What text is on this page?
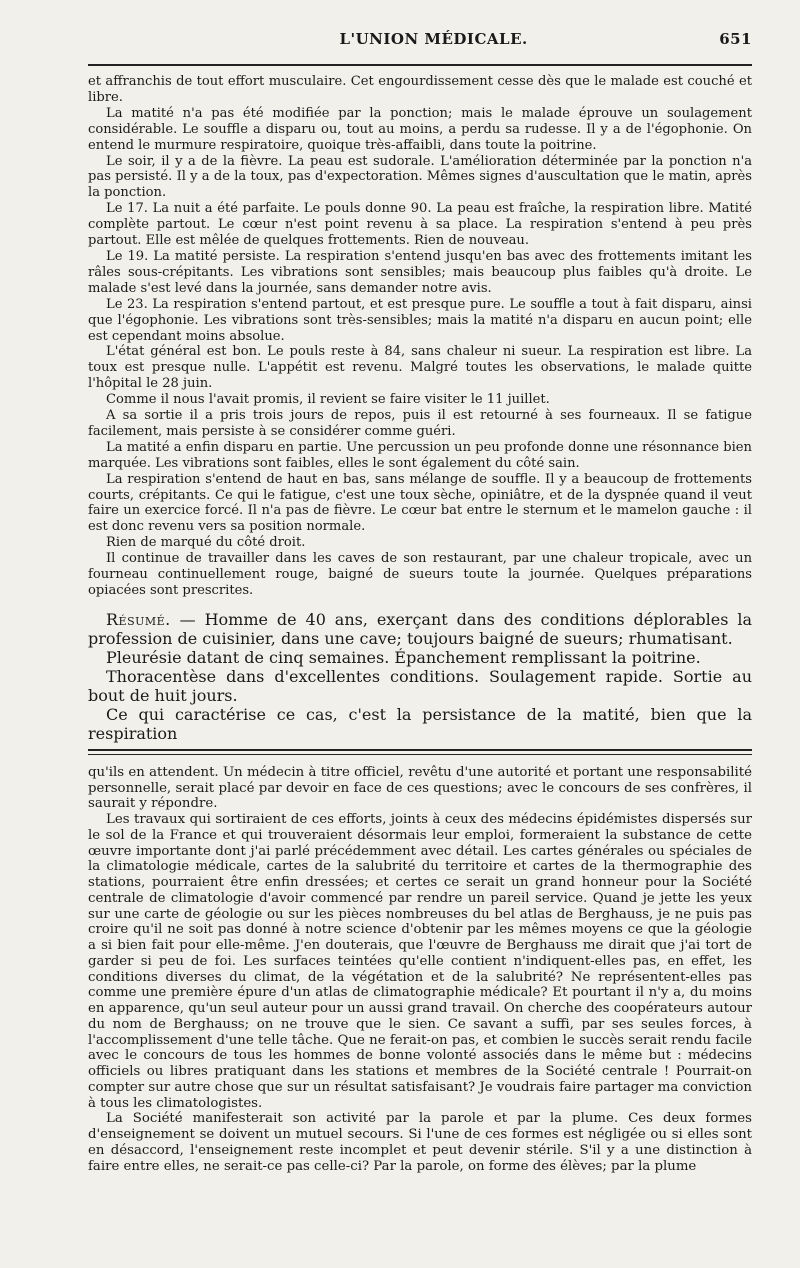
L'UNION MÉDICALE.	651

et affranchis de tout effort musculaire. Cet engourdissement cesse dès que le malade est couché et libre.

La matité n'a pas été modifiée par la ponction; mais le malade éprouve un soulagement considérable. Le souffle a disparu ou, tout au moins, a perdu sa rudesse. Il y a de l'égophonie. On entend le murmure respiratoire, quoique très-affaibli, dans toute la poitrine.

Le soir, il y a de la fièvre. La peau est sudorale. L'amélioration déterminée par la ponction n'a pas persisté. Il y a de la toux, pas d'expectoration. Mêmes signes d'auscultation que le matin, après la ponction.

Le 17. La nuit a été parfaite. Le pouls donne 90. La peau est fraîche, la respiration libre. Matité complète partout. Le cœur n'est point revenu à sa place. La respiration s'entend à peu près partout. Elle est mêlée de quelques frottements. Rien de nouveau.

Le 19. La matité persiste. La respiration s'entend jusqu'en bas avec des frottements imitant les râles sous-crépitants. Les vibrations sont sensibles; mais beaucoup plus faibles qu'à droite. Le malade s'est levé dans la journée, sans demander notre avis.

Le 23. La respiration s'entend partout, et est presque pure. Le souffle a tout à fait disparu, ainsi que l'égophonie. Les vibrations sont très-sensibles; mais la matité n'a disparu en aucun point; elle est cependant moins absolue.

L'état général est bon. Le pouls reste à 84, sans chaleur ni sueur. La respiration est libre. La toux est presque nulle. L'appétit est revenu. Malgré toutes les observations, le malade quitte l'hôpital le 28 juin.

Comme il nous l'avait promis, il revient se faire visiter le 11 juillet.

A sa sortie il a pris trois jours de repos, puis il est retourné à ses fourneaux. Il se fatigue facilement, mais persiste à se considérer comme guéri.

La matité a enfin disparu en partie. Une percussion un peu profonde donne une résonnance bien marquée. Les vibrations sont faibles, elles le sont également du côté sain.

La respiration s'entend de haut en bas, sans mélange de souffle. Il y a beaucoup de frottements courts, crépitants. Ce qui le fatigue, c'est une toux sèche, opiniâtre, et de la dyspnée quand il veut faire un exercice forcé. Il n'a pas de fièvre. Le cœur bat entre le sternum et le mamelon gauche : il est donc revenu vers sa position normale.

Rien de marqué du côté droit.

Il continue de travailler dans les caves de son restaurant, par une chaleur tropicale, avec un fourneau continuellement rouge, baigné de sueurs toute la journée. Quelques préparations opiacées sont prescrites.

Résumé. — Homme de 40 ans, exerçant dans des conditions déplorables la profession de cuisinier, dans une cave; toujours baigné de sueurs; rhumatisant.

Pleurésie datant de cinq semaines. Épanchement remplissant la poitrine.

Thoracentèse dans d'excellentes conditions. Soulagement rapide. Sortie au bout de huit jours.

Ce qui caractérise ce cas, c'est la persistance de la matité, bien que la respiration

qu'ils en attendent. Un médecin à titre officiel, revêtu d'une autorité et portant une responsabilité personnelle, serait placé par devoir en face de ces questions; avec le concours de ses confrères, il saurait y répondre.

Les travaux qui sortiraient de ces efforts, joints à ceux des médecins épidémistes dispersés sur le sol de la France et qui trouveraient désormais leur emploi, formeraient la substance de cette œuvre importante dont j'ai parlé précédemment avec détail. Les cartes générales ou spéciales de la climatologie médicale, cartes de la salubrité du territoire et cartes de la thermographie des stations, pourraient être enfin dressées; et certes ce serait un grand honneur pour la Société centrale de climatologie d'avoir commencé par rendre un pareil service. Quand je jette les yeux sur une carte de géologie ou sur les pièces nombreuses du bel atlas de Berghauss, je ne puis pas croire qu'il ne soit pas donné à notre science d'obtenir par les mêmes moyens ce que la géologie a si bien fait pour elle-même. J'en douterais, que l'œuvre de Berghauss me dirait que j'ai tort de garder si peu de foi. Les surfaces teintées qu'elle contient n'indiquent-elles pas, en effet, les conditions diverses du climat, de la végétation et de la salubrité? Ne représentent-elles pas comme une première épure d'un atlas de climatographie médicale? Et pourtant il n'y a, du moins en apparence, qu'un seul auteur pour un aussi grand travail. On cherche des coopérateurs autour du nom de Berghauss; on ne trouve que le sien. Ce savant a suffi, par ses seules forces, à l'accomplissement d'une telle tâche. Que ne ferait-on pas, et combien le succès serait rendu facile avec le concours de tous les hommes de bonne volonté associés dans le même but : médecins officiels ou libres pratiquant dans les stations et membres de la Société centrale ! Pourrait-on compter sur autre chose que sur un résultat satisfaisant? Je voudrais faire partager ma conviction à tous les climatologistes.

La Société manifesterait son activité par la parole et par la plume. Ces deux formes d'enseignement se doivent un mutuel secours. Si l'une de ces formes est négligée ou si elles sont en désaccord, l'enseignement reste incomplet et peut devenir stérile. S'il y a une distinction à faire entre elles, ne serait-ce pas celle-ci? Par la parole, on forme des élèves; par la plume
